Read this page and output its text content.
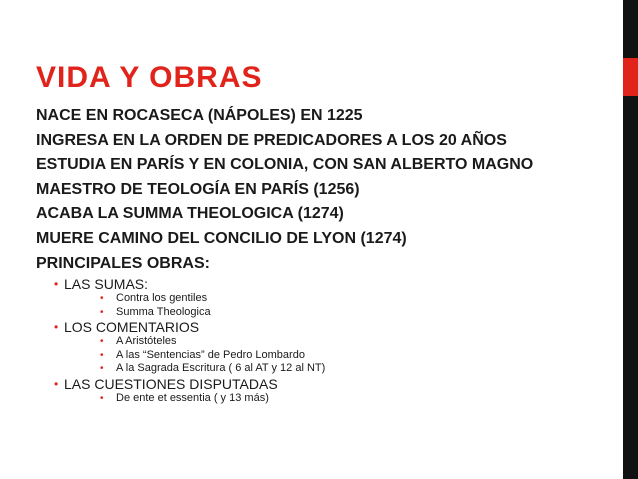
VIDA Y OBRAS
NACE EN ROCASECA (NÁPOLES) EN 1225
INGRESA EN LA ORDEN DE PREDICADORES A LOS 20 AÑOS
ESTUDIA EN PARÍS Y EN COLONIA, CON SAN ALBERTO MAGNO
MAESTRO DE TEOLOGÍA EN PARÍS (1256)
ACABA LA SUMMA THEOLOGICA (1274)
MUERE CAMINO DEL CONCILIO DE LYON (1274)
PRINCIPALES OBRAS:
• LAS SUMAS:
• Contra los gentiles
• Summa Theologica
• LOS COMENTARIOS
• A Aristóteles
• A las “Sentencias” de Pedro Lombardo
• A la Sagrada Escritura ( 6 al AT y 12 al NT)
• LAS CUESTIONES DISPUTADAS
• De ente et essentia ( y 13 más)
